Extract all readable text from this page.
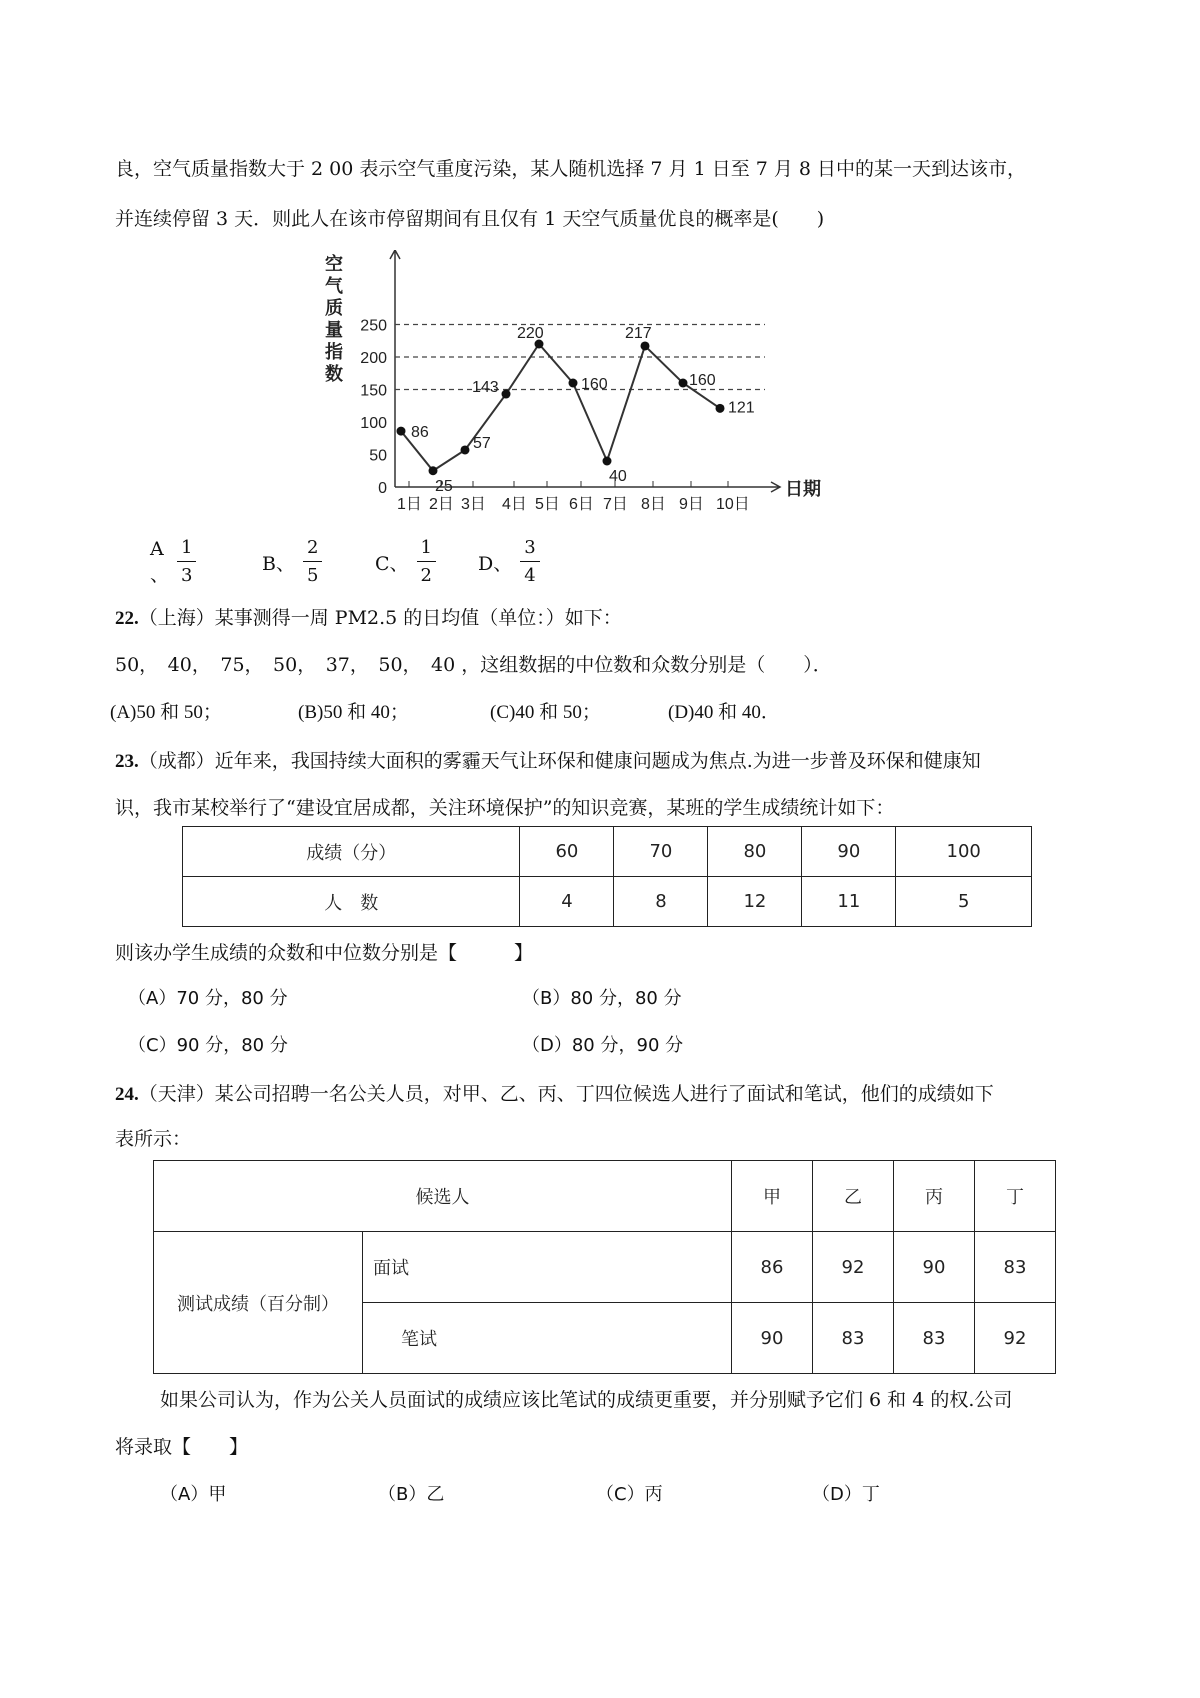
良，空气质量指数大于 2 00 表示空气重度污染，某人随机选择 7 月 1 日至 7 月 8 日中的某一天到达该市，
并连续停留 3 天．则此人在该市停留期间有且仅有 1 天空气质量优良的概率是(　　)
空
气
质
量
指
数
日期
0
50
100
150
200
250
1日 2日 3日 4日 5日 6日 7日 8日 9日 10日
86
25
57
143
220
160
40
217
160
121
A 、 $\frac{1}{3}$	B、 $\frac{2}{5}$	C、 $\frac{1}{2}$ D、 $\frac{3}{4}$
22.（上海）某事测得一周 PM2.5 的日均值（单位：）如下：
50，　40，　75，　50，　37，　50，　40 ，这组数据的中位数和众数分别是（　　）．
(A)50 和 50；	(B)50 和 40；	(C)40 和 50；	(D)40 和 40．
23.（成都）近年来，我国持续大面积的雾霾天气让环保和健康问题成为焦点.为进一步普及环保和健康知
识，我市某校举行了“建设宜居成都，关注环境保护”的知识竞赛，某班的学生成绩统计如下：
成绩（分）	60	70	80	90	100
人　数	4	8	12	11	5
则该办学生成绩的众数和中位数分别是【　　　】
（A）70 分，80 分	（B）80 分，80 分
（C）90 分，80 分	（D）80 分，90 分
24.（天津）某公司招聘一名公关人员，对甲、乙、丙、丁四位候选人进行了面试和笔试，他们的成绩如下
表所示：
候选人		甲	乙	丙	丁
测试成绩（百分制）	面试	86	92	90	83
	笔试	90	83	83	92
如果公司认为，作为公关人员面试的成绩应该比笔试的成绩更重要，并分别赋予它们 6 和 4 的权.公司
将录取【　　】
（A）甲	（B）乙	（C）丙	（D）丁
